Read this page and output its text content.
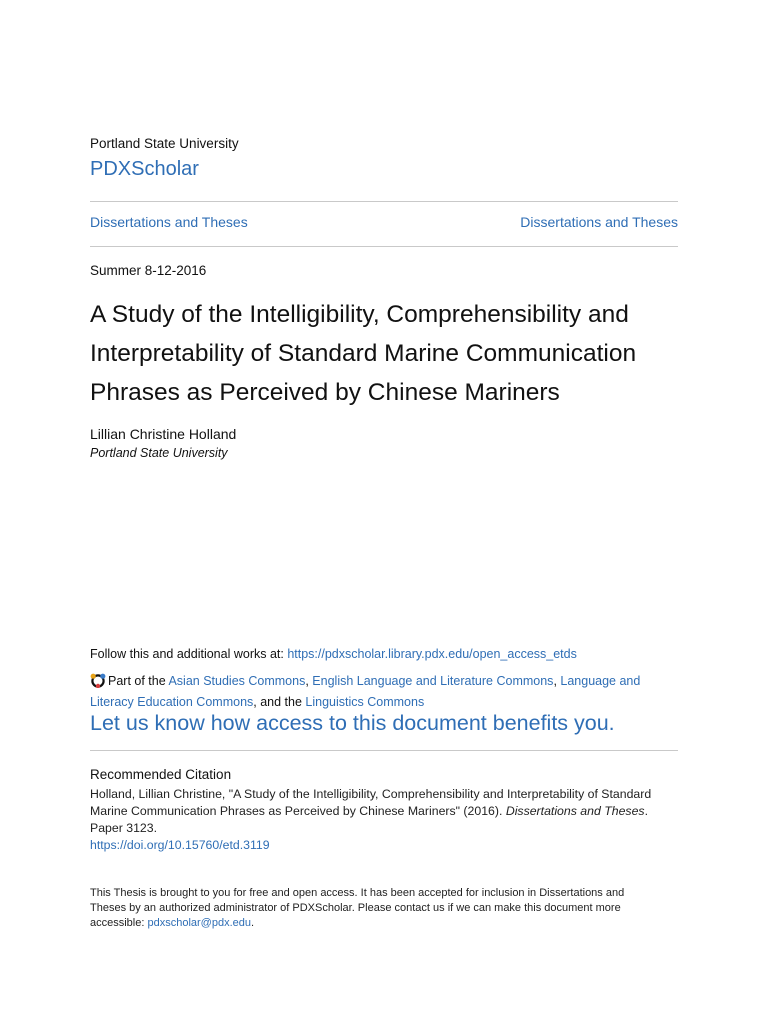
Portland State University
PDXScholar
Dissertations and Theses	Dissertations and Theses
Summer 8-12-2016
A Study of the Intelligibility, Comprehensibility and Interpretability of Standard Marine Communication Phrases as Perceived by Chinese Mariners
Lillian Christine Holland
Portland State University
Follow this and additional works at: https://pdxscholar.library.pdx.edu/open_access_etds
Part of the Asian Studies Commons, English Language and Literature Commons, Language and Literacy Education Commons, and the Linguistics Commons
Let us know how access to this document benefits you.
Recommended Citation
Holland, Lillian Christine, "A Study of the Intelligibility, Comprehensibility and Interpretability of Standard Marine Communication Phrases as Perceived by Chinese Mariners" (2016). Dissertations and Theses. Paper 3123.
https://doi.org/10.15760/etd.3119
This Thesis is brought to you for free and open access. It has been accepted for inclusion in Dissertations and Theses by an authorized administrator of PDXScholar. Please contact us if we can make this document more accessible: pdxscholar@pdx.edu.
